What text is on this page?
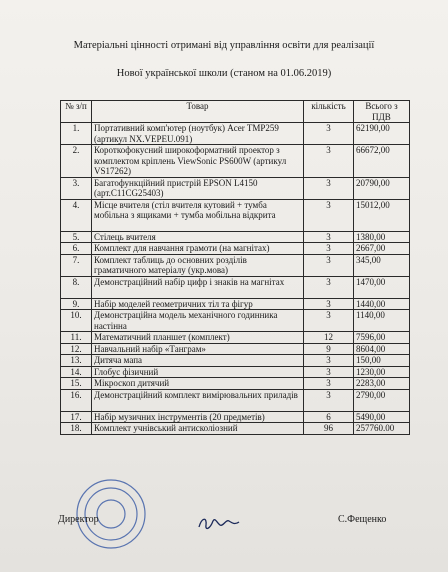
Матеріальні цінності отримані від управління освіти для реалізації
Нової української школи (станом на 01.06.2019)
№ з/п	Товар	кількість	Всього з ПДВ
1.	Портативний комп'ютер (ноутбук) Acer TMP259 (артикул NX.VEPEU.091)	3	62190,00
2.	Короткофокусний широкоформатний проектор з комплектом кріплень ViewSonic PS600W (артикул VS17262)	3	66672,00
3.	Багатофункційний пристрій EPSON L4150 (арт.C11CG25403)	3	20790,00
4.	Місце вчителя (стіл вчителя кутовий + тумба мобільна з ящиками + тумба мобільна відкрита	3	15012,00
5.	Стілець вчителя	3	1380,00
6.	Комплект для навчання грамоти (на магнітах)	3	2667,00
7.	Комплект таблиць до основних розділів граматичного матеріалу (укр.мова)	3	345,00
8.	Демонстраційний набір цифр і знаків на магнітах	3	1470,00
9.	Набір моделей геометричних тіл та фігур	3	1440,00
10.	Демонстраційна модель механічного годинника настінна	3	1140,00
11.	Математичний планшет (комплект)	12	7596,00
12.	Навчальний набір «Танграм»	9	8604,00
13.	Дитяча мапа	3	150,00
14.	Глобус фізичний	3	1230,00
15.	Мікроскоп дитячий	3	2283,00
16.	Демонстраційний комплект вимірювальних приладів	3	2790,00
17.	Набір музичних інструментів (20 предметів)	6	5490,00
18.	Комплект учнівський антисколіозний	96	257760.00
Директор	С.Фещенко
